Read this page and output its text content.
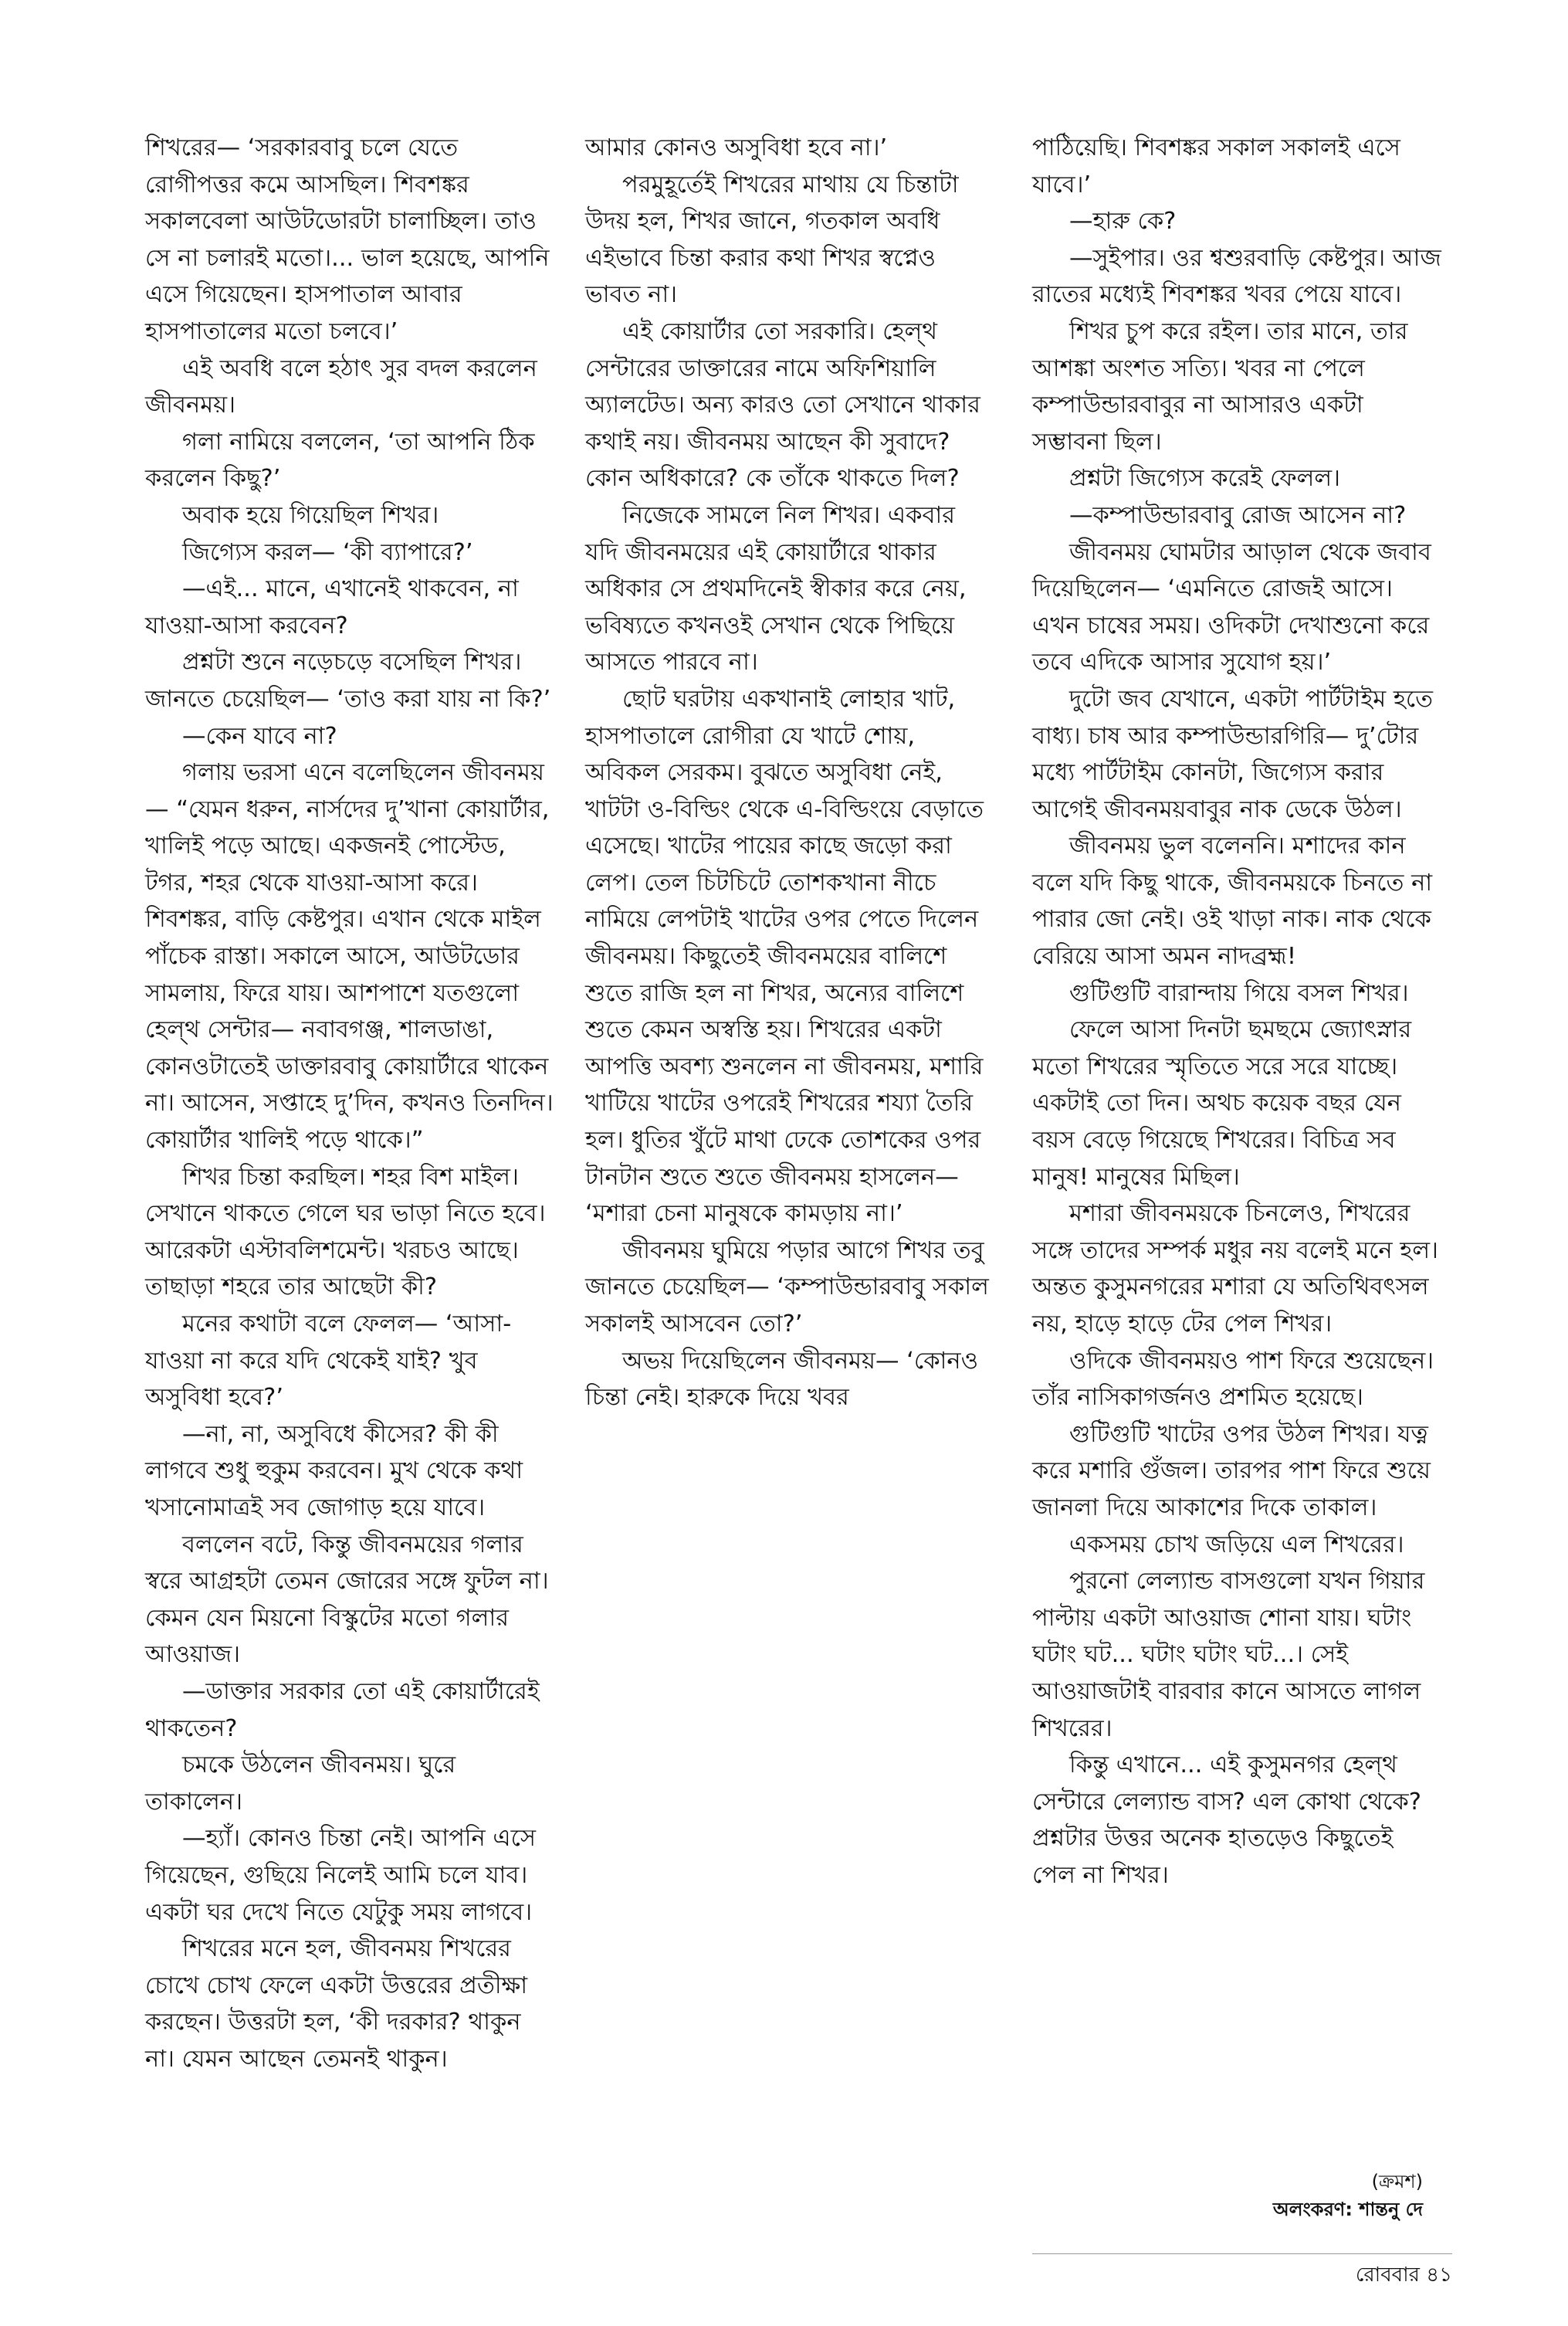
শিখরের— ‘সরকারবাবু চলে যেতে রোগীপত্তর কমে আসছিল। শিবশঙ্কর সকালবেলা আউটডোরটা চালাচ্ছিল। তাও সে না চলারই মতো।... ভাল হয়েছে, আপনি এসে গিয়েছেন। হাসপাতাল আবার হাসপাতালের মতো চলবে।’

এই অবধি বলে হঠাৎ সুর বদল করলেন জীবনময়।

গলা নামিয়ে বললেন, ‘তা আপনি ঠিক করলেন কিছু?’

অবাক হয়ে গিয়েছিল শিখর।

জিগ্যেস করল— ‘কী ব্যাপারে?’

—এই... মানে, এখানেই থাকবেন, না যাওয়া-আসা করবেন?

প্রশ্নটা শুনে নড়েচড়ে বসেছিল শিখর। জানতে চেয়েছিল— ‘তাও করা যায় না কি?’

—কেন যাবে না?

গলায় ভরসা এনে বলেছিলেন জীবনময়— “যেমন ধরুন, নার্সদের দু’খানা কোয়ার্টার, খালিই পড়ে আছে। একজনই পোস্টেড, টগর, শহর থেকে যাওয়া-আসা করে। শিবশঙ্কর, বাড়ি কেষ্টপুর। এখান থেকে মাইল পাঁচেক রাস্তা। সকালে আসে, আউটডোর সামলায়, ফিরে যায়। আশপাশে যতগুলো হেল্‌থ সেন্টার— নবাবগঞ্জ, শালডাঙা, কোনওটাতেই ডাক্তারবাবু কোয়ার্টারে থাকেন না। আসেন, সপ্তাহে দু’দিন, কখনও তিনদিন। কোয়ার্টার খালিই পড়ে থাকে।”

শিখর চিন্তা করছিল। শহর বিশ মাইল। সেখানে থাকতে গেলে ঘর ভাড়া নিতে হবে। আরেকটা এস্টাবলিশমেন্ট। খরচও আছে। তাছাড়া শহরে তার আছেটা কী?

মনের কথাটা বলে ফেলল— ‘আসা-যাওয়া না করে যদি থেকেই যাই? খুব অসুবিধা হবে?’

—না, না, অসুবিধে কীসের? কী কী লাগবে শুধু হুকুম করবেন। মুখ থেকে কথা খসানোমাত্রই সব জোগাড় হয়ে যাবে।

বললেন বটে, কিন্তু জীবনময়ের গলার স্বরে আগ্রহটা তেমন জোরের সঙ্গে ফুটল না। কেমন যেন মিয়নো বিস্কুটের মতো গলার আওয়াজ।

—ডাক্তার সরকার তো এই কোয়ার্টারেই থাকতেন?

চমকে উঠলেন জীবনময়। ঘুরে তাকালেন।

—হ্যাঁ। কোনও চিন্তা নেই। আপনি এসে গিয়েছেন, গুছিয়ে নিলেই আমি চলে যাব। একটা ঘর দেখে নিতে যেটুকু সময় লাগবে।

শিখরের মনে হল, জীবনময় শিখরের চোখে চোখ ফেলে একটা উত্তরের প্রতীক্ষা করছেন। উত্তরটা হল, ‘কী দরকার? থাকুন না। যেমন আছেন তেমনই থাকুন।

আমার কোনও অসুবিধা হবে না।’

পরমুহূর্তেই শিখরের মাথায় যে চিন্তাটা উদয় হল, শিখর জানে, গতকাল অবধি এইভাবে চিন্তা করার কথা শিখর স্বপ্নেও ভাবত না।

এই কোয়ার্টার তো সরকারি। হেল্‌থ সেন্টারের ডাক্তারের নামে অফিশিয়ালি অ্যালটেড। অন্য কারও তো সেখানে থাকার কথাই নয়। জীবনময় আছেন কী সুবাদে? কোন অধিকারে? কে তাঁকে থাকতে দিল?

নিজেকে সামলে নিল শিখর। একবার যদি জীবনময়ের এই কোয়ার্টারে থাকার অধিকার সে প্রথমদিনেই স্বীকার করে নেয়, ভবিষ্যতে কখনওই সেখান থেকে পিছিয়ে আসতে পারবে না।

ছোট ঘরটায় একখানাই লোহার খাট, হাসপাতালে রোগীরা যে খাটে শোয়, অবিকল সেরকম। বুঝতে অসুবিধা নেই, খাটটা ও-বিল্ডিং থেকে এ-বিল্ডিংয়ে বেড়াতে এসেছে। খাটের পায়ের কাছে জড়ো করা লেপ। তেল চিটচিটে তোশকখানা নীচে নামিয়ে লেপটাই খাটের ওপর পেতে দিলেন জীবনময়। কিছুতেই জীবনময়ের বালিশে শুতে রাজি হল না শিখর, অন্যের বালিশে শুতে কেমন অস্বস্তি হয়। শিখরের একটা আপত্তি অবশ্য শুনলেন না জীবনময়, মশারি খাটিয়ে খাটের ওপরেই শিখরের শয্যা তৈরি হল। ধুতির খুঁটে মাথা ঢেকে তোশকের ওপর টানটান শুতে শুতে জীবনময় হাসলেন— ‘মশারা চেনা মানুষকে কামড়ায় না।’

জীবনময় ঘুমিয়ে পড়ার আগে শিখর তবু জানতে চেয়েছিল— ‘কম্পাউন্ডারবাবু সকাল সকালই আসবেন তো?’

অভয় দিয়েছিলেন জীবনময়— ‘কোনও চিন্তা নেই। হারুকে দিয়ে খবর

পাঠিয়েছি। শিবশঙ্কর সকাল সকালই এসে যাবে।’

—হারু কে?

—সুইপার। ওর শ্বশুরবাড়ি কেষ্টপুর। আজ রাতের মধ্যেই শিবশঙ্কর খবর পেয়ে যাবে।

শিখর চুপ করে রইল। তার মানে, তার আশঙ্কা অংশত সত্যি। খবর না পেলে কম্পাউন্ডারবাবুর না আসারও একটা সম্ভাবনা ছিল।

প্রশ্নটা জিগ্যেস করেই ফেলল।

—কম্পাউন্ডারবাবু রোজ আসেন না?

জীবনময় ঘোমটার আড়াল থেকে জবাব দিয়েছিলেন— ‘এমনিতে রোজই আসে। এখন চাষের সময়। ওদিকটা দেখাশুনো করে তবে এদিকে আসার সুযোগ হয়।’

দুটো জব যেখানে, একটা পার্টটাইম হতে বাধ্য। চাষ আর কম্পাউন্ডারগিরি— দু’টোর মধ্যে পার্টটাইম কোনটা, জিগ্যেস করার আগেই জীবনময়বাবুর নাক ডেকে উঠল।

জীবনময় ভুল বলেননি। মশাদের কান বলে যদি কিছু থাকে, জীবনময়কে চিনতে না পারার জো নেই। ওই খাড়া নাক। নাক থেকে বেরিয়ে আসা অমন নাদব্রহ্ম!

গুটিগুটি বারান্দায় গিয়ে বসল শিখর।

ফেলে আসা দিনটা ছমছমে জ্যোৎস্নার মতো শিখরের স্মৃতিতে সরে সরে যাচ্ছে। একটাই তো দিন। অথচ কয়েক বছর যেন বয়স বেড়ে গিয়েছে শিখরের। বিচিত্র সব মানুষ! মানুষের মিছিল।

মশারা জীবনময়কে চিনলেও, শিখরের সঙ্গে তাদের সম্পর্ক মধুর নয় বলেই মনে হল। অন্তত কুসুমনগরের মশারা যে অতিথিবৎসল নয়, হাড়ে হাড়ে টের পেল শিখর।

ওদিকে জীবনময়ও পাশ ফিরে শুয়েছেন। তাঁর নাসিকাগর্জনও প্রশমিত হয়েছে।

গুটিগুটি খাটের ওপর উঠল শিখর। যত্ন করে মশারি গুঁজল। তারপর পাশ ফিরে শুয়ে জানলা দিয়ে আকাশের দিকে তাকাল।

একসময় চোখ জড়িয়ে এল শিখরের।

পুরনো লেল্যান্ড বাসগুলো যখন গিয়ার পাল্টায় একটা আওয়াজ শোনা যায়। ঘটাং ঘটাং ঘট... ঘটাং ঘটাং ঘট...। সেই আওয়াজটাই বারবার কানে আসতে লাগল শিখরের।

কিন্তু এখানে... এই কুসুমনগর হেল্‌থ সেন্টারে লেল্যান্ড বাস? এল কোথা থেকে? প্রশ্নটার উত্তর অনেক হাতড়েও কিছুতেই পেল না শিখর।

(ক্রমশ)
অলংকরণ: শান্তনু দে
রোববার ৪১
